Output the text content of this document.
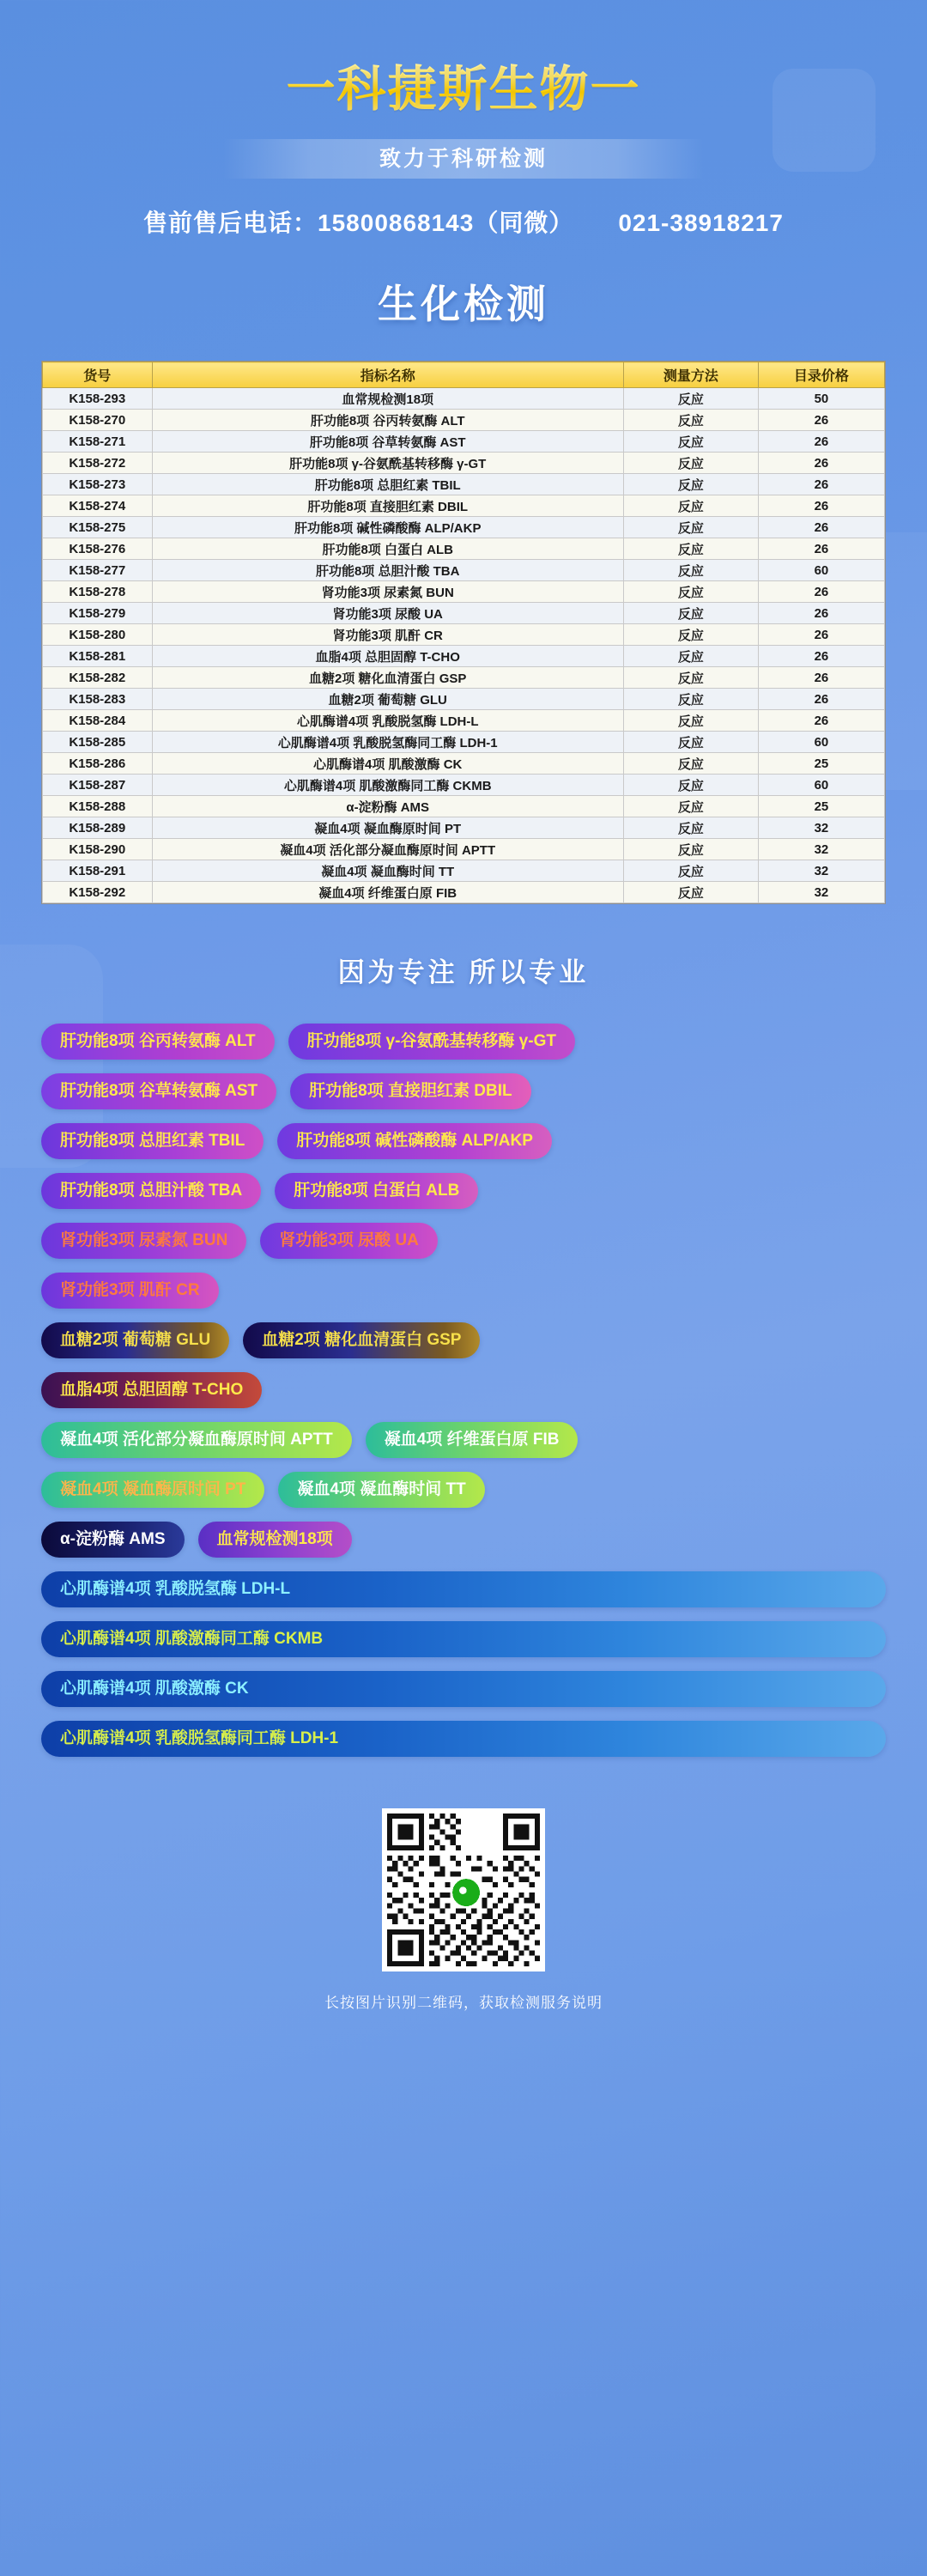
一科捷斯生物一
致力于科研检测
售前售后电话：15800868143（同微） 021-38918217
生化检测
货号	指标名称	测量方法	目录价格
K158-293	血常规检测18项	反应	50
K158-270	肝功能8项 谷丙转氨酶 ALT	反应	26
K158-271	肝功能8项 谷草转氨酶 AST	反应	26
K158-272	肝功能8项 γ-谷氨酰基转移酶 γ-GT	反应	26
K158-273	肝功能8项 总胆红素 TBIL	反应	26
K158-274	肝功能8项 直接胆红素 DBIL	反应	26
K158-275	肝功能8项 碱性磷酸酶 ALP/AKP	反应	26
K158-276	肝功能8项 白蛋白 ALB	反应	26
K158-277	肝功能8项 总胆汁酸 TBA	反应	60
K158-278	肾功能3项 尿素氮 BUN	反应	26
K158-279	肾功能3项 尿酸 UA	反应	26
K158-280	肾功能3项 肌酐 CR	反应	26
K158-281	血脂4项 总胆固醇 T-CHO	反应	26
K158-282	血糖2项 糖化血清蛋白 GSP	反应	26
K158-283	血糖2项 葡萄糖 GLU	反应	26
K158-284	心肌酶谱4项 乳酸脱氢酶 LDH-L	反应	26
K158-285	心肌酶谱4项 乳酸脱氢酶同工酶 LDH-1	反应	60
K158-286	心肌酶谱4项 肌酸激酶 CK	反应	25
K158-287	心肌酶谱4项 肌酸激酶同工酶 CKMB	反应	60
K158-288	α-淀粉酶 AMS	反应	25
K158-289	凝血4项 凝血酶原时间 PT	反应	32
K158-290	凝血4项 活化部分凝血酶原时间 APTT	反应	32
K158-291	凝血4项 凝血酶时间 TT	反应	32
K158-292	凝血4项 纤维蛋白原 FIB	反应	32
因为专注 所以专业
肝功能8项 谷丙转氨酶 ALT	肝功能8项 γ-谷氨酰基转移酶 γ-GT
肝功能8项 谷草转氨酶 AST	肝功能8项 直接胆红素 DBIL
肝功能8项 总胆红素 TBIL	肝功能8项 碱性磷酸酶 ALP/AKP
肝功能8项 总胆汁酸 TBA	肝功能8项 白蛋白 ALB
肾功能3项 尿素氮 BUN	肾功能3项 尿酸 UA
肾功能3项 肌酐 CR
血糖2项 葡萄糖 GLU	血糖2项 糖化血清蛋白 GSP
血脂4项 总胆固醇 T-CHO
凝血4项 活化部分凝血酶原时间 APTT	凝血4项 纤维蛋白原 FIB
凝血4项 凝血酶原时间 PT	凝血4项 凝血酶时间 TT
α-淀粉酶 AMS	血常规检测18项
心肌酶谱4项 乳酸脱氢酶 LDH-L
心肌酶谱4项 肌酸激酶同工酶 CKMB
心肌酶谱4项 肌酸激酶 CK
心肌酶谱4项 乳酸脱氢酶同工酶 LDH-1
长按图片识别二维码，获取检测服务说明
